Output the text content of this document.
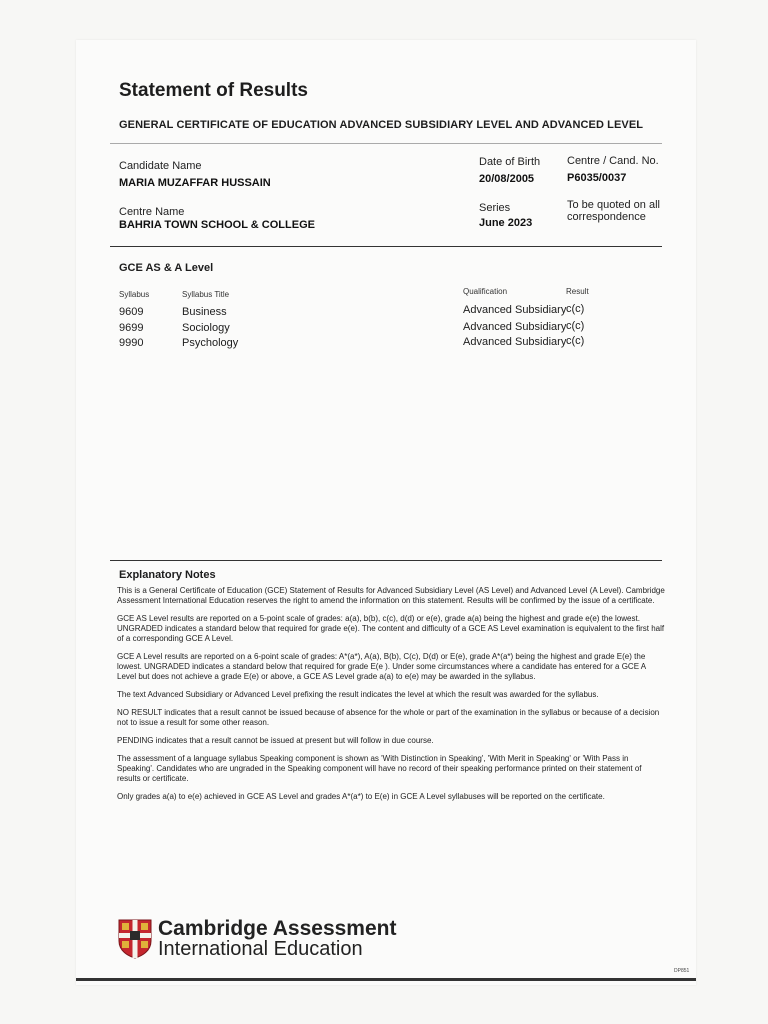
Statement of Results
GENERAL CERTIFICATE OF EDUCATION ADVANCED SUBSIDIARY LEVEL AND ADVANCED LEVEL
Candidate Name
MARIA MUZAFFAR HUSSAIN
Date of Birth
20/08/2005
Centre / Cand. No.
P6035/0037
Centre Name
BAHRIA TOWN SCHOOL & COLLEGE
Series
June 2023
To be quoted on all correspondence
GCE AS & A Level
Syllabus	Syllabus Title	Qualification	Result
9609	Business	Advanced Subsidiary c(c)
9699	Sociology	Advanced Subsidiary c(c)
9990	Psychology	Advanced Subsidiary c(c)
Explanatory Notes

This is a General Certificate of Education (GCE) Statement of Results for Advanced Subsidiary Level (AS Level) and Advanced Level (A Level). Cambridge Assessment International Education reserves the right to amend the information on this statement. Results will be confirmed by the issue of a certificate.

GCE AS Level results are reported on a 5-point scale of grades: a(a), b(b), c(c), d(d) or e(e), grade a(a) being the highest and grade e(e) the lowest. UNGRADED indicates a standard below that required for grade e(e). The content and difficulty of a GCE AS Level examination is equivalent to the first half of a corresponding GCE A Level.

GCE A Level results are reported on a 6-point scale of grades: A*(a*), A(a), B(b), C(c), D(d) or E(e), grade A*(a*) being the highest and grade E(e) the lowest. UNGRADED indicates a standard below that required for grade E(e ). Under some circumstances where a candidate has entered for a GCE A Level but does not achieve a grade E(e) or above, a GCE AS Level grade a(a) to e(e) may be awarded in the syllabus.

The text Advanced Subsidiary or Advanced Level prefixing the result indicates the level at which the result was awarded for the syllabus.

NO RESULT indicates that a result cannot be issued because of absence for the whole or part of the examination in the syllabus or because of a decision not to issue a result for some other reason.

PENDING indicates that a result cannot be issued at present but will follow in due course.

The assessment of a language syllabus Speaking component is shown as 'With Distinction in Speaking', 'With Merit in Speaking' or 'With Pass in Speaking'. Candidates who are ungraded in the Speaking component will have no record of their speaking performance printed on their statement of results or certificate.

Only grades a(a) to e(e) achieved in GCE AS Level and grades A*(a*) to E(e) in GCE A Level syllabuses will be reported on the certificate.

Cambridge Assessment
International Education
DP851
